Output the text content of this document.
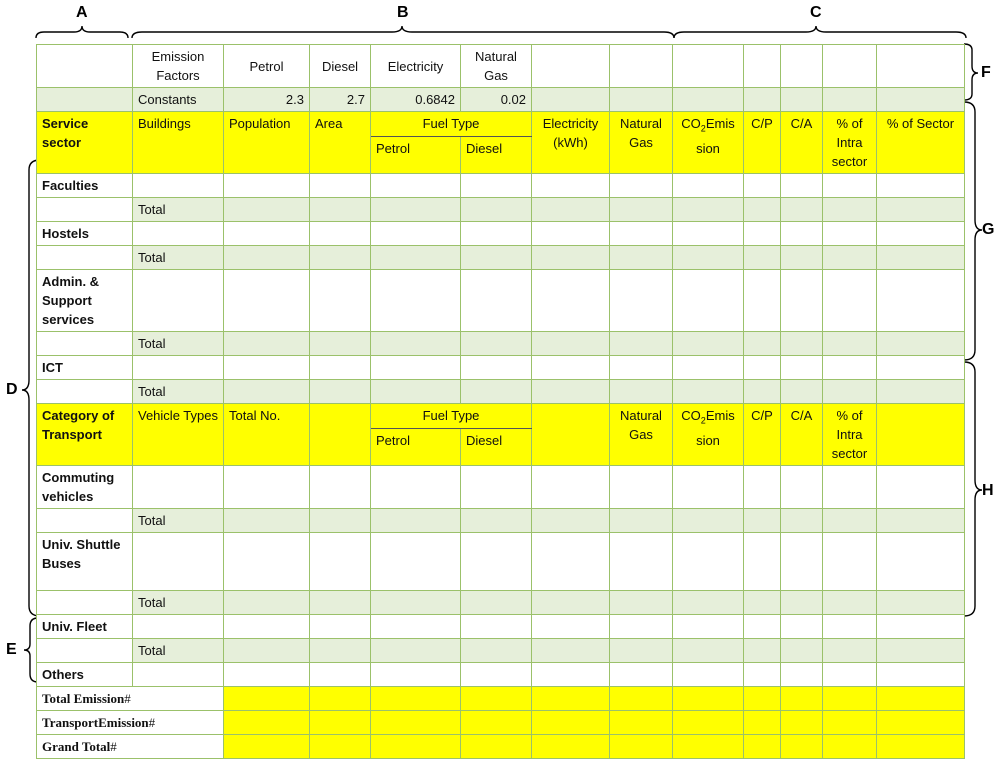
A	B	C
F
G
H
D
E
	Emission Factors	Petrol	Diesel	Electricity	Natural Gas							
	Constants	2.3	2.7	0.6842	0.02							
Service sector	Buildings	Population	Area	Fuel Type		Electricity (kWh)	Natural Gas	$CO_2Emis$ sion	C/P	C/A	% of Intra sector	% of Sector
				Petrol	Diesel							
Faculties												
	Total											
Hostels												
	Total											
Admin. & Support services												
	Total											
ICT												
	Total											
Category of Transport	Vehicle Types	Total No.		Fuel Type			Natural Gas	$CO_2Emis$ sion	C/P	C/A	% of Intra sector	
				Petrol	Diesel							
Commuting vehicles												
	Total											
Univ. Shuttle Buses												
	Total											
Univ. Fleet												
	Total											
Others												
Total Emission#												
TransportEmission#												
Grand Total#												
